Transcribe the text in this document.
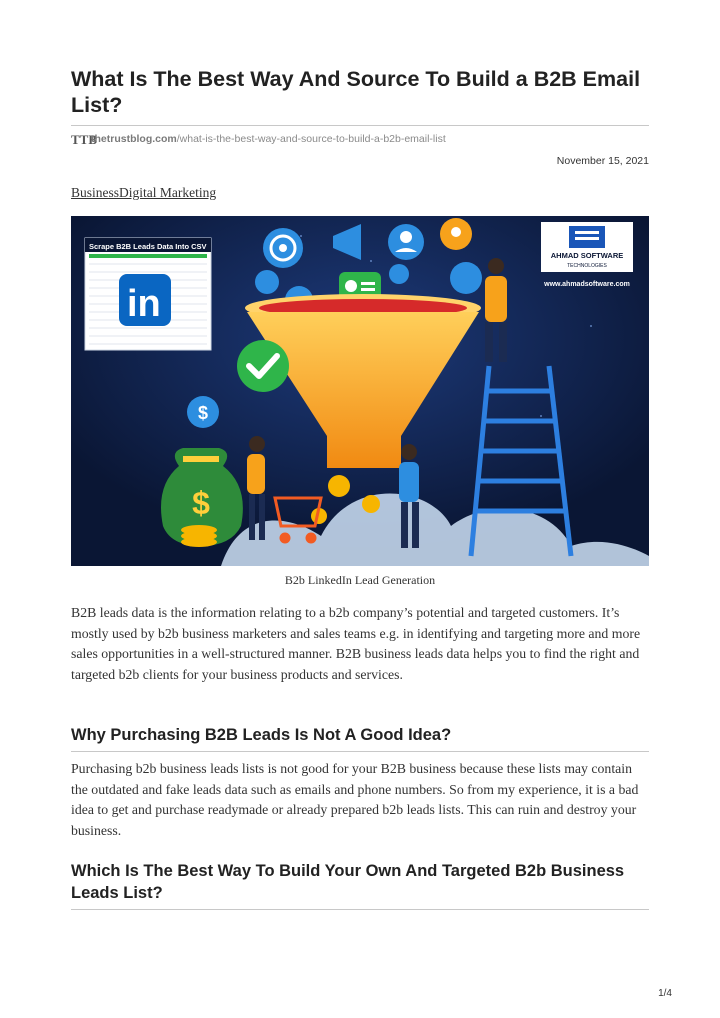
What Is The Best Way And Source To Build a B2B Email List?
TTB
thetrustblog.com /what-is-the-best-way-and-source-to-build-a-b2b-email-list
November 15, 2021
BusinessDigital Marketing
Scrape B2B Leads Data Into CSV
in
AHMAD SOFTWARE
TECHNOLOGIES
www.ahmadsoftware.com
$
$
B2b LinkedIn Lead Generation

B2B leads data is the information relating to a b2b company’s potential and targeted customers. It’s mostly used by b2b business marketers and sales teams e.g. in identifying and targeting more and more sales opportunities in a well-structured manner. B2B business leads data helps you to find the right and targeted b2b clients for your business products and services.

Why Purchasing B2B Leads Is Not A Good Idea?

Purchasing b2b business leads lists is not good for your B2B business because these lists may contain the outdated and fake leads data such as emails and phone numbers. So from my experience, it is a bad idea to get and purchase readymade or already prepared b2b leads lists. This can ruin and destroy your business.

Which Is The Best Way To Build Your Own And Targeted B2b Business Leads List?
1/4
